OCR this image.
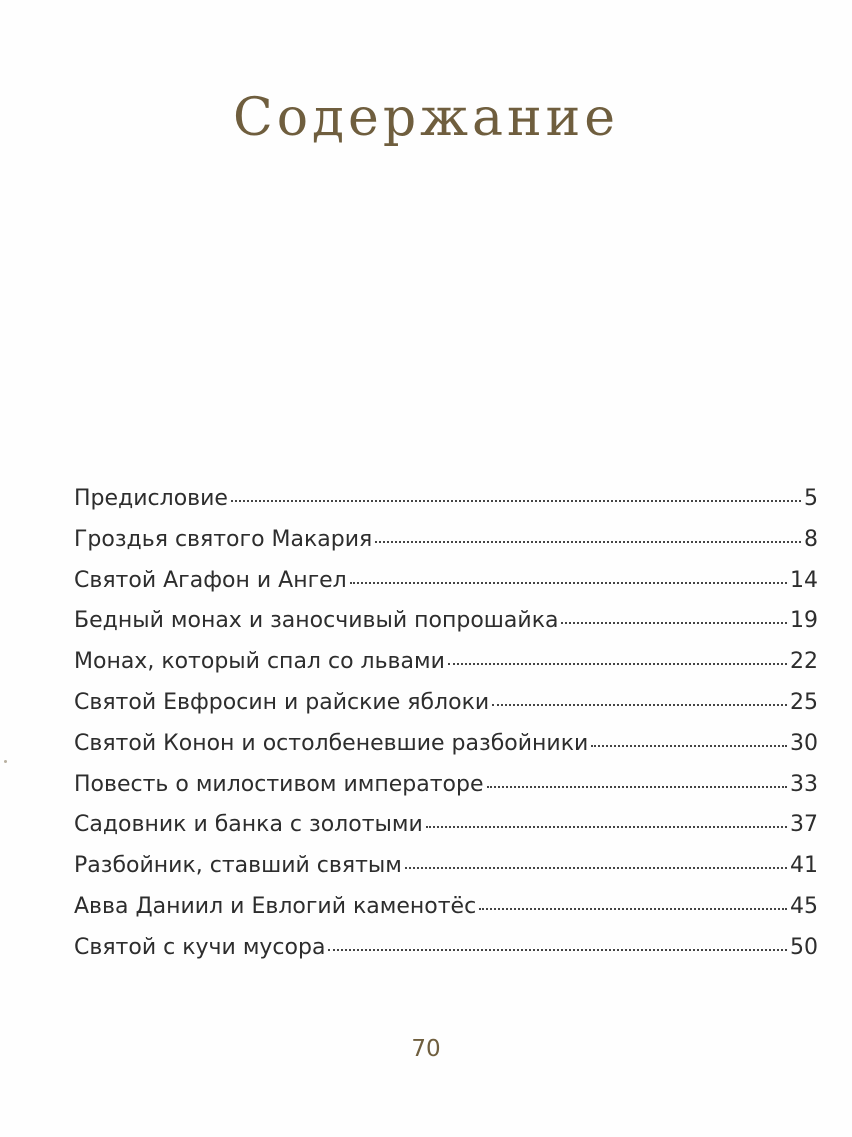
Содержание
Предисловие	5
Гроздья святого Макария	8
Святой Агафон и Ангел	14
Бедный монах и заносчивый попрошайка	19
Монах, который спал со львами	22
Святой Евфросин и райские яблоки	25
Святой Конон и остолбеневшие разбойники	30
Повесть о милостивом императоре	33
Садовник и банка с золотыми	37
Разбойник, ставший святым	41
Авва Даниил и Евлогий каменотёс	45
Святой с кучи мусора	50
70
